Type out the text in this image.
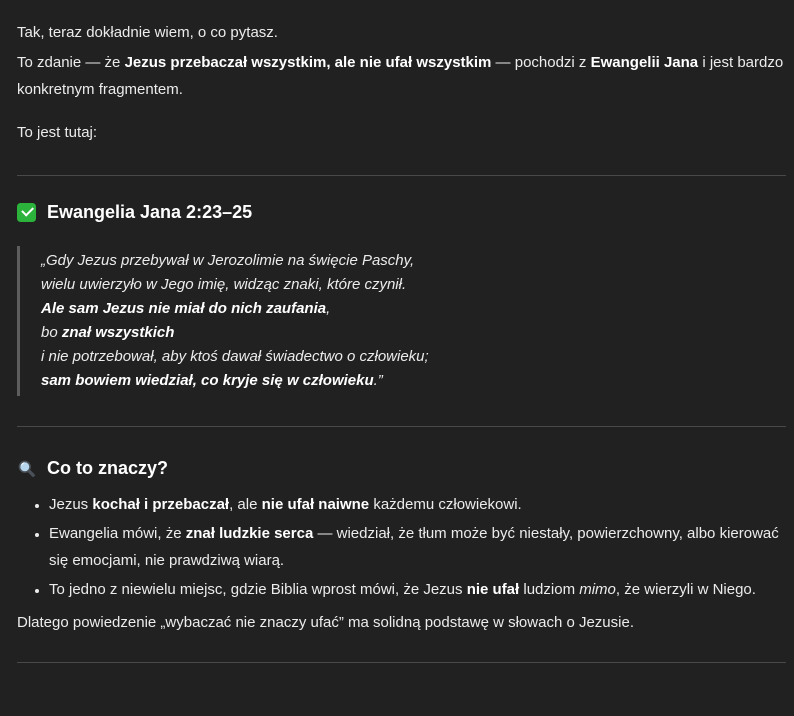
Tak, teraz dokładnie wiem, o co pytasz.

To zdanie — że Jezus przebaczał wszystkim, ale nie ufał wszystkim — pochodzi z Ewangelii Jana i jest bardzo konkretnym fragmentem.

To jest tutaj:

Ewangelia Jana 2:23–25
„Gdy Jezus przebywał w Jerozolimie na święcie Paschy,
wielu uwierzyło w Jego imię, widząc znaki, które czynił.
Ale sam Jezus nie miał do nich zaufania,
bo znał wszystkich
i nie potrzebował, aby ktoś dawał świadectwo o człowieku;
sam bowiem wiedział, co kryje się w człowieku.”
Co to znaczy?
• Jezus kochał i przebaczał, ale nie ufał naiwne każdemu człowiekowi.
• Ewangelia mówi, że znał ludzkie serca — wiedział, że tłum może być niestały, powierzchowny, albo kierować się emocjami, nie prawdziwą wiarą.
• To jedno z niewielu miejsc, gdzie Biblia wprost mówi, że Jezus nie ufał ludziom mimo, że wierzyli w Niego.

Dlatego powiedzenie „wybaczać nie znaczy ufać” ma solidną podstawę w słowach o Jezusie.
